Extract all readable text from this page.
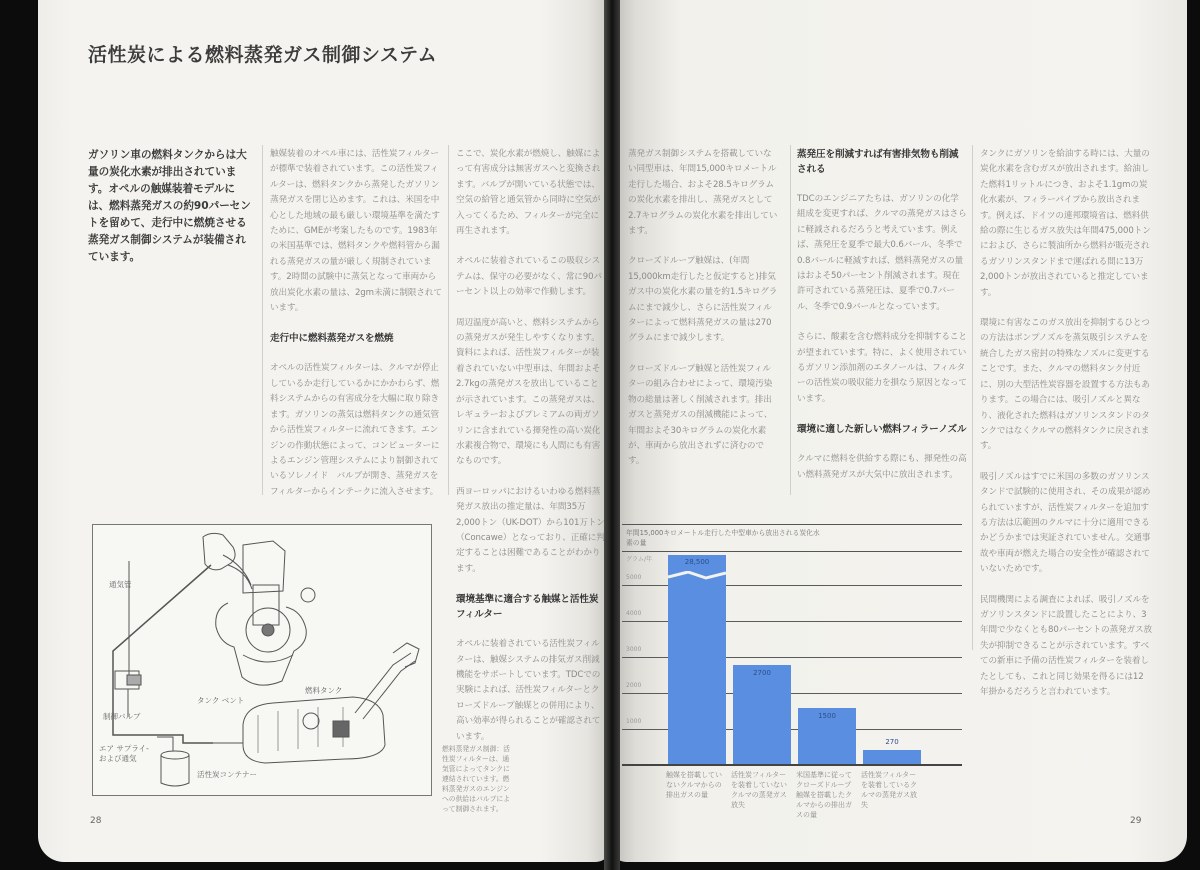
活性炭による燃料蒸発ガス制御システム
ガソリン車の燃料タンクからは大量の炭化水素が排出されています。オペルの触媒装着モデルには、燃料蒸発ガスの約90パーセントを留めて、走行中に燃焼させる蒸発ガス制御システムが装備されています。

触媒装着のオペル車には、活性炭フィルターが標準で装着されています。この活性炭フィルターは、燃料タンクから蒸発したガソリン蒸発ガスを閉じ込めます。これは、米国を中心とした地域の最も厳しい環境基準を満たすために、GMEが考案したものです。1983年の米国基準では、燃料タンクや燃料管から漏れる蒸発ガスの量が厳しく規制されています。2時間の試験中に蒸気となって車両から放出炭化水素の量は、2gm未満に制限されています。

走行中に燃料蒸発ガスを燃焼

オペルの活性炭フィルターは、クルマが停止しているか走行しているかにかかわらず、燃料システムからの有害成分を大幅に取り除きます。ガソリンの蒸気は燃料タンクの通気管から活性炭フィルターに流れてきます。エンジンの作動状態によって、コンピューターによるエンジン管理システムにより制御されているソレノイド　バルブが開き、蒸発ガスをフィルターからインテークに流入させます。

ここで、炭化水素が燃焼し、触媒によって有害成分は無害ガスへと変換されます。バルブが開いている状態では、空気の給管と通気管から同時に空気が入ってくるため、フィルターが完全に再生されます。

オペルに装着されているこの吸収システムは、保守の必要がなく、常に90パーセント以上の効率で作動します。

周辺温度が高いと、燃料システムからの蒸発ガスが発生しやすくなります。資料によれば、活性炭フィルターが装着されていない中型車は、年間およそ2.7kgの蒸発ガスを放出していることが示されています。この蒸発ガスは、レギュラーおよびプレミアムの両ガソリンに含まれている揮発性の高い炭化水素複合物で、環境にも人間にも有害なものです。

西ヨーロッパにおけるいわゆる燃料蒸発ガス放出の推定量は、年間35万2,000トン（UK-DOT）から101万トン（Concawe）となっており、正確に判定することは困難であることがわかります。

環境基準に適合する触媒と活性炭フィルター

オペルに装着されている活性炭フィルターは、触媒システムの排気ガス削減機能をサポートしています。TDCでの実験によれば、活性炭フィルターとクローズドループ触媒との併用により、高い効率が得られることが確認されています。

通気管
制御バルブ
タンク ベント
燃料タンク
エア サプライ-
および通気
活性炭コンテナー
燃料蒸発ガス制御：活性炭フィルターは、通気管によってタンクに連結されています。燃料蒸発ガスのエンジンへの供給はバルブによって制御されます。
28

蒸発ガス制御システムを搭載していない同型車は、年間15,000キロメートル走行した場合、およそ28.5キログラムの炭化水素を排出し、蒸発ガスとして2.7キログラムの炭化水素を排出しています。

クローズドループ触媒は、(年間15,000km走行したと仮定すると)排気ガス中の炭化水素の量を約1.5キログラムにまで減少し、さらに活性炭フィルターによって燃料蒸発ガスの量は270グラムにまで減少します。

クローズドループ触媒と活性炭フィルターの組み合わせによって、環境汚染物の総量は著しく削減されます。排出ガスと蒸発ガスの削減機能によって、年間およそ30キログラムの炭化水素が、車両から放出されずに済むのです。

蒸発圧を削減すれば有害排気物も削減される

TDCのエンジニアたちは、ガソリンの化学組成を変更すれば、クルマの蒸発ガスはさらに軽減されるだろうと考えています。例えば、蒸発圧を夏季で最大0.6バール、冬季で0.8バールに軽減すれば、燃料蒸発ガスの量はおよそ50パーセント削減されます。現在許可されている蒸発圧は、夏季で0.7バール、冬季で0.9バールとなっています。

さらに、酸素を含む燃料成分を抑制することが望まれています。特に、よく使用されているガソリン添加剤のエタノールは、フィルターの活性炭の吸収能力を損なう原因となっています。

環境に適した新しい燃料フィラーノズル

クルマに燃料を供給する際にも、揮発性の高い燃料蒸発ガスが大気中に放出されます。

タンクにガソリンを給油する時には、大量の炭化水素を含むガスが放出されます。給油した燃料1リットルにつき、およそ1.1gmの炭化水素が、フィラーパイプから放出されます。例えば、ドイツの連邦環境省は、燃料供給の際に生じるガス放失は年間475,000トンにおよび、さらに製油所から燃料が販売されるガソリンスタンドまで運ばれる間に13万2,000トンが放出されていると推定しています。

環境に有害なこのガス放出を抑制するひとつの方法はポンプノズルを蒸気吸引システムを統合したガス密封の特殊なノズルに変更することです。また、クルマの燃料タンク付近に、別の大型活性炭容器を設置する方法もあります。この場合には、吸引ノズルと異なり、液化された燃料はガソリンスタンドのタンクではなくクルマの燃料タンクに戻されます。

吸引ノズルはすでに米国の多数のガソリンスタンドで試験的に使用され、その成果が認められていますが、活性炭フィルターを追加する方法は広範囲のクルマに十分に適用できるかどうかまでは実証されていません。交通事故や車両が燃えた場合の安全性が確認されていないためです。

民間機関による調査によれば、吸引ノズルをガソリンスタンドに設置したことにより、3年間で少なくとも80パーセントの蒸発ガス放失が抑制できることが示されています。すべての新車に予備の活性炭フィルターを装着したとしても、これと同じ効果を得るには12年掛かるだろうと言われています。

年間15,000キロメートル走行した中型車から放出される炭化水素の量
グラム/年
5000
4000
3000
2000
1000
28,500
2700
1500
270
触媒を搭載していないクルマからの排出ガスの量
活性炭フィルターを装着していないクルマの蒸発ガス放失
米国基準に従ってクローズドループ触媒を搭載したクルマからの排出ガスの量
活性炭フィルターを装着しているクルマの蒸発ガス放失
29
